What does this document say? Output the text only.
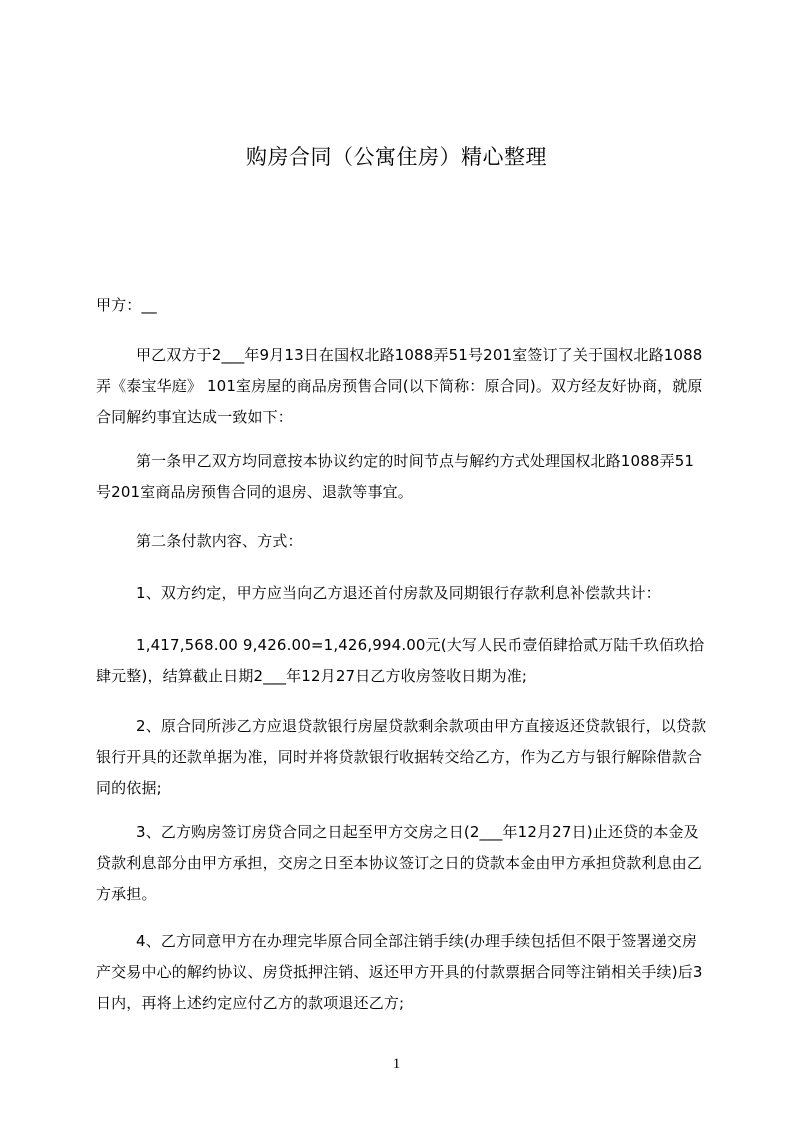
购房合同（公寓住房）精心整理
甲方：__
甲乙双方于2___年9月13日在国权北路1088弄51号201室签订了关于国权北路1088弄《泰宝华庭》 101室房屋的商品房预售合同(以下简称：原合同)。双方经友好协商，就原合同解约事宜达成一致如下：
第一条甲乙双方均同意按本协议约定的时间节点与解约方式处理国权北路1088弄51号201室商品房预售合同的退房、退款等事宜。
第二条付款内容、方式：
1、双方约定，甲方应当向乙方退还首付房款及同期银行存款利息补偿款共计：
1,417,568.00 9,426.00=1,426,994.00元(大写人民币壹佰肆拾贰万陆千玖佰玖拾肆元整)，结算截止日期2___年12月27日乙方收房签收日期为准;
2、原合同所涉乙方应退贷款银行房屋贷款剩余款项由甲方直接返还贷款银行，以贷款银行开具的还款单据为准，同时并将贷款银行收据转交给乙方，作为乙方与银行解除借款合同的依据;
3、乙方购房签订房贷合同之日起至甲方交房之日(2___年12月27日)止还贷的本金及贷款利息部分由甲方承担，交房之日至本协议签订之日的贷款本金由甲方承担贷款利息由乙方承担。
4、乙方同意甲方在办理完毕原合同全部注销手续(办理手续包括但不限于签署递交房产交易中心的解约协议、房贷抵押注销、返还甲方开具的付款票据合同等注销相关手续)后3日内，再将上述约定应付乙方的款项退还乙方;
1
